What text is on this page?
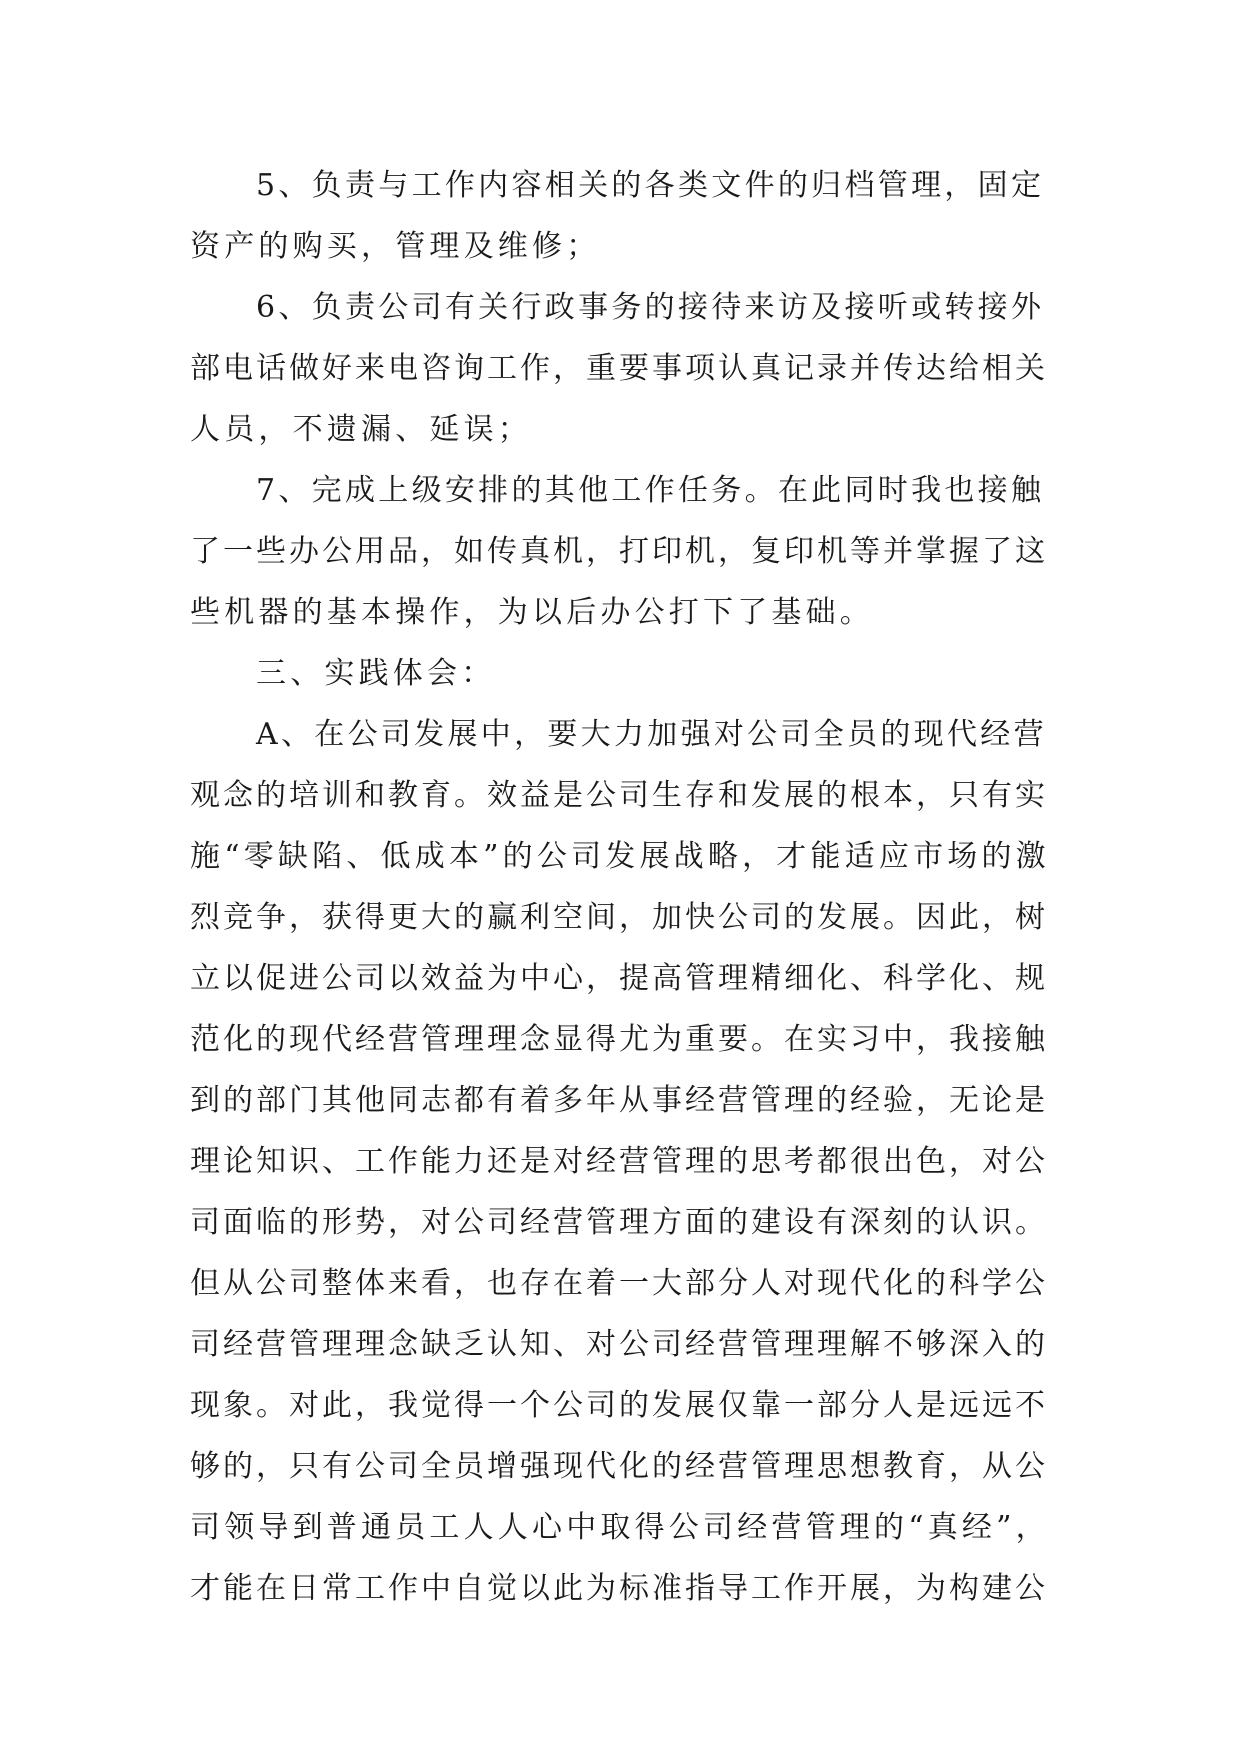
5、负责与工作内容相关的各类文件的归档管理，固定
资产的购买，管理及维修；
6、负责公司有关行政事务的接待来访及接听或转接外
部电话做好来电咨询工作，重要事项认真记录并传达给相关
人员，不遗漏、延误；
7、完成上级安排的其他工作任务。在此同时我也接触
了一些办公用品，如传真机，打印机，复印机等并掌握了这
些机器的基本操作，为以后办公打下了基础。
三、实践体会：
A、在公司发展中，要大力加强对公司全员的现代经营
观念的培训和教育。效益是公司生存和发展的根本，只有实
施“零缺陷、低成本”的公司发展战略，才能适应市场的激
烈竞争，获得更大的赢利空间，加快公司的发展。因此，树
立以促进公司以效益为中心，提高管理精细化、科学化、规
范化的现代经营管理理念显得尤为重要。在实习中，我接触
到的部门其他同志都有着多年从事经营管理的经验，无论是
理论知识、工作能力还是对经营管理的思考都很出色，对公
司面临的形势，对公司经营管理方面的建设有深刻的认识。
但从公司整体来看，也存在着一大部分人对现代化的科学公
司经营管理理念缺乏认知、对公司经营管理理解不够深入的
现象。对此，我觉得一个公司的发展仅靠一部分人是远远不
够的，只有公司全员增强现代化的经营管理思想教育，从公
司领导到普通员工人人心中取得公司经营管理的“真经”，
才能在日常工作中自觉以此为标准指导工作开展，为构建公
